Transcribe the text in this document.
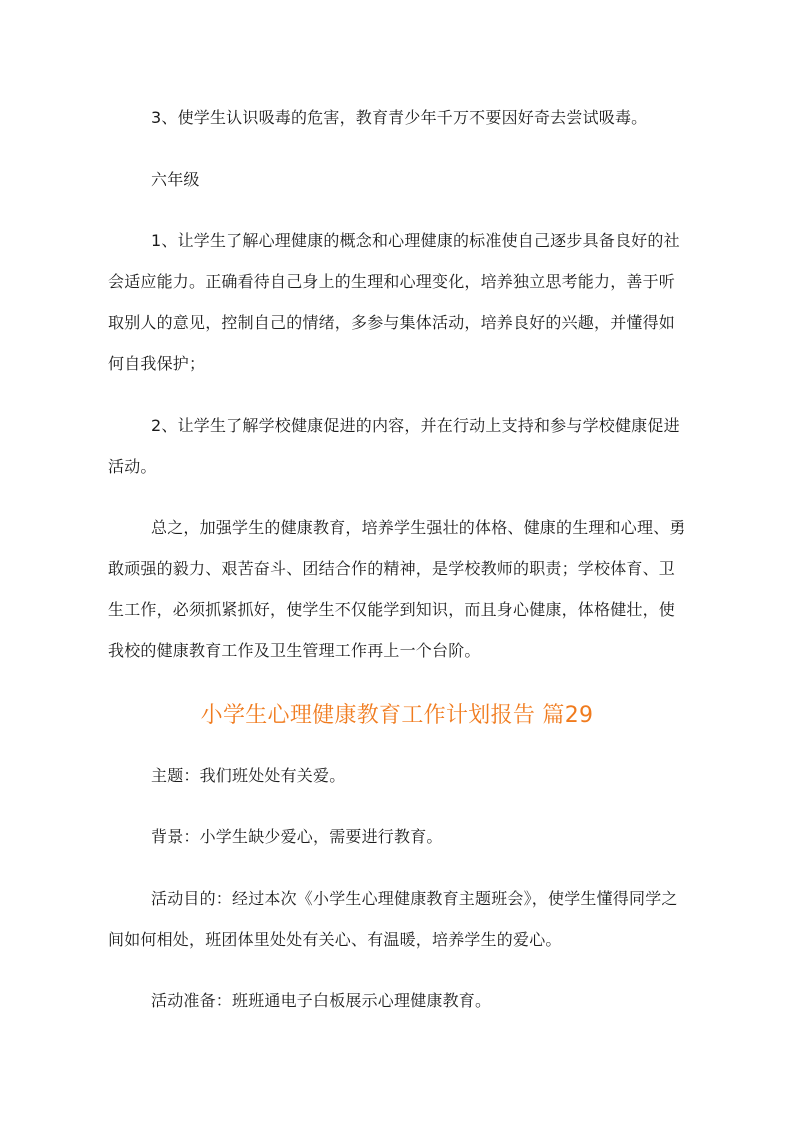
3、使学生认识吸毒的危害，教育青少年千万不要因好奇去尝试吸毒。

六年级

1、让学生了解心理健康的概念和心理健康的标准使自己逐步具备良好的社会适应能力。正确看待自己身上的生理和心理变化，培养独立思考能力，善于听取别人的意见，控制自己的情绪，多参与集体活动，培养良好的兴趣，并懂得如何自我保护；

2、让学生了解学校健康促进的内容，并在行动上支持和参与学校健康促进活动。

总之，加强学生的健康教育，培养学生强壮的体格、健康的生理和心理、勇敢顽强的毅力、艰苦奋斗、团结合作的精神，是学校教师的职责；学校体育、卫生工作，必须抓紧抓好，使学生不仅能学到知识，而且身心健康，体格健壮，使我校的健康教育工作及卫生管理工作再上一个台阶。

小学生心理健康教育工作计划报告 篇29

主题：我们班处处有关爱。

背景：小学生缺少爱心，需要进行教育。

活动目的：经过本次《小学生心理健康教育主题班会》，使学生懂得同学之间如何相处，班团体里处处有关心、有温暖，培养学生的爱心。

活动准备：班班通电子白板展示心理健康教育。
